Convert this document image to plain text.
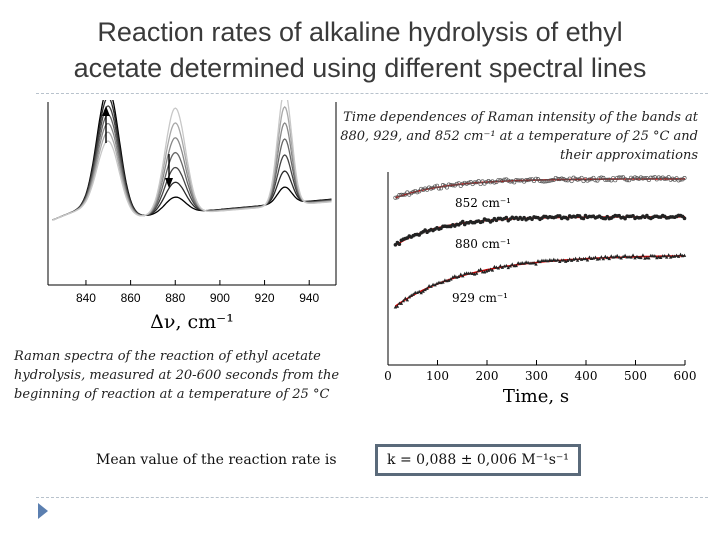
Reaction rates of alkaline hydrolysis of ethyl
acetate determined using different spectral lines
840 860 880 900 920 940
Δν, cm⁻¹
852 cm⁻¹
880 cm⁻¹
929 cm⁻¹
0	100 200 300 400 500 600
Time, s
Time dependences of Raman intensity of the bands at 880, 929, and 852 cm⁻¹ at a temperature of 25 °C and their approximations
Raman spectra of the reaction of ethyl acetate hydrolysis, measured at 20-600 seconds from the beginning of reaction at a temperature of 25 °C
Mean value of the reaction rate is	k = 0,088 ± 0,006 M⁻¹s⁻¹
